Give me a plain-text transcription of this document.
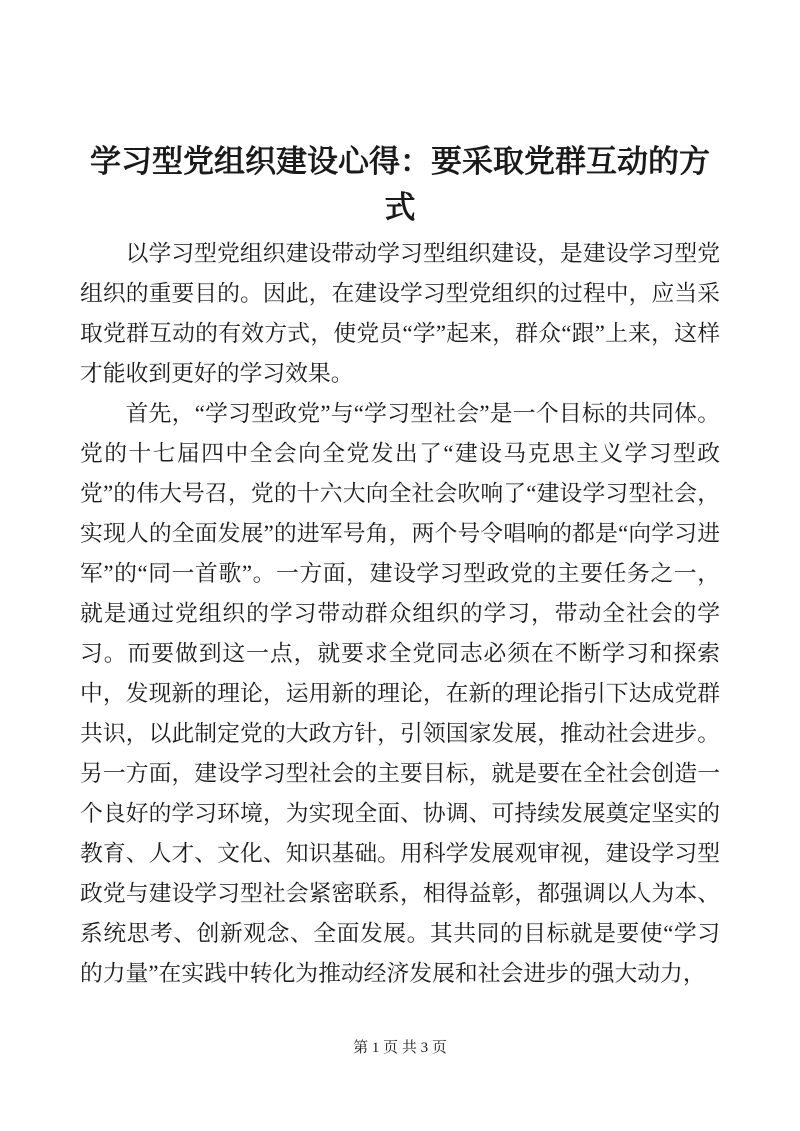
学习型党组织建设心得：要采取党群互动的方式

以学习型党组织建设带动学习型组织建设，是建设学习型党组织的重要目的。因此，在建设学习型党组织的过程中，应当采取党群互动的有效方式，使党员“学”起来，群众“跟”上来，这样才能收到更好的学习效果。

首先，“学习型政党”与“学习型社会”是一个目标的共同体。党的十七届四中全会向全党发出了“建设马克思主义学习型政党”的伟大号召，党的十六大向全社会吹响了“建设学习型社会，实现人的全面发展”的进军号角，两个号令唱响的都是“向学习进军”的“同一首歌”。一方面，建设学习型政党的主要任务之一，就是通过党组织的学习带动群众组织的学习，带动全社会的学习。而要做到这一点，就要求全党同志必须在不断学习和探索中，发现新的理论，运用新的理论，在新的理论指引下达成党群共识，以此制定党的大政方针，引领国家发展，推动社会进步。另一方面，建设学习型社会的主要目标，就是要在全社会创造一个良好的学习环境，为实现全面、协调、可持续发展奠定坚实的教育、人才、文化、知识基础。用科学发展观审视，建设学习型政党与建设学习型社会紧密联系，相得益彰，都强调以人为本、系统思考、创新观念、全面发展。其共同的目标就是要使“学习的力量”在实践中转化为推动经济发展和社会进步的强大动力，

第 1 页 共 3 页
